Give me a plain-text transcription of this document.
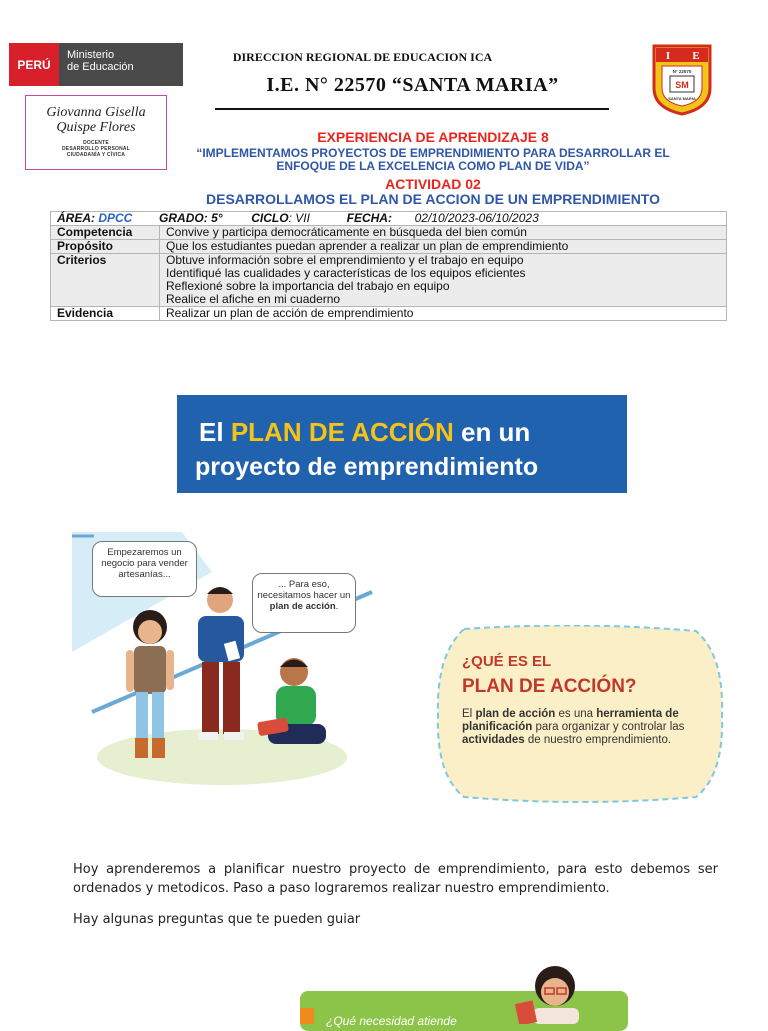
PERÚ
Ministerio
de Educación
Giovanna Gisella
Quispe Flores
DOCENTE
DESARROLLO PERSONAL
CIUDADANÍA Y CÍVICA
DIRECCION REGIONAL DE EDUCACION ICA
I.E. N° 22570 “SANTA MARIA”	SM
I E
N° 22570
SANTA MARIA
EXPERIENCIA DE APRENDIZAJE 8
“IMPLEMENTAMOS PROYECTOS DE EMPRENDIMIENTO PARA DESARROLLAR EL
ENFOQUE DE LA EXCELENCIA COMO PLAN DE VIDA”
ACTIVIDAD 02
DESARROLLAMOS EL PLAN DE ACCION DE UN EMPRENDIMIENTO
ÁREA: DPCC GRADO: 5° CICLO: VII FECHA: 02/10/2023-06/10/2023	
Competencia	Convive y participa democráticamente en búsqueda del bien común
Propósito	Que los estudiantes puedan aprender a realizar un plan de emprendimiento
Criterios	Obtuve información sobre el emprendimiento y el trabajo en equipo
Identifiqué las cualidades y características de los equipos eficientes
Reflexioné sobre la importancia del trabajo en equipo
Realice el afiche en mi cuaderno

Evidencia	Realizar un plan de acción de emprendimiento
El PLAN DE ACCIÓN en un
proyecto de emprendimiento
Empezaremos un negocio para vender artesanías...
... Para eso, necesitamos hacer un plan de acción.
¿QUÉ ES EL
PLAN DE ACCIÓN?
El plan de acción es una herramienta de planificación para organizar y controlar las actividades de nuestro emprendimiento.
Hoy aprenderemos a planificar nuestro proyecto de emprendimiento, para esto debemos ser ordenados y metodicos. Paso a paso lograremos realizar nuestro emprendimiento.
Hay algunas preguntas que te pueden guiar
¿Qué necesidad atiende
